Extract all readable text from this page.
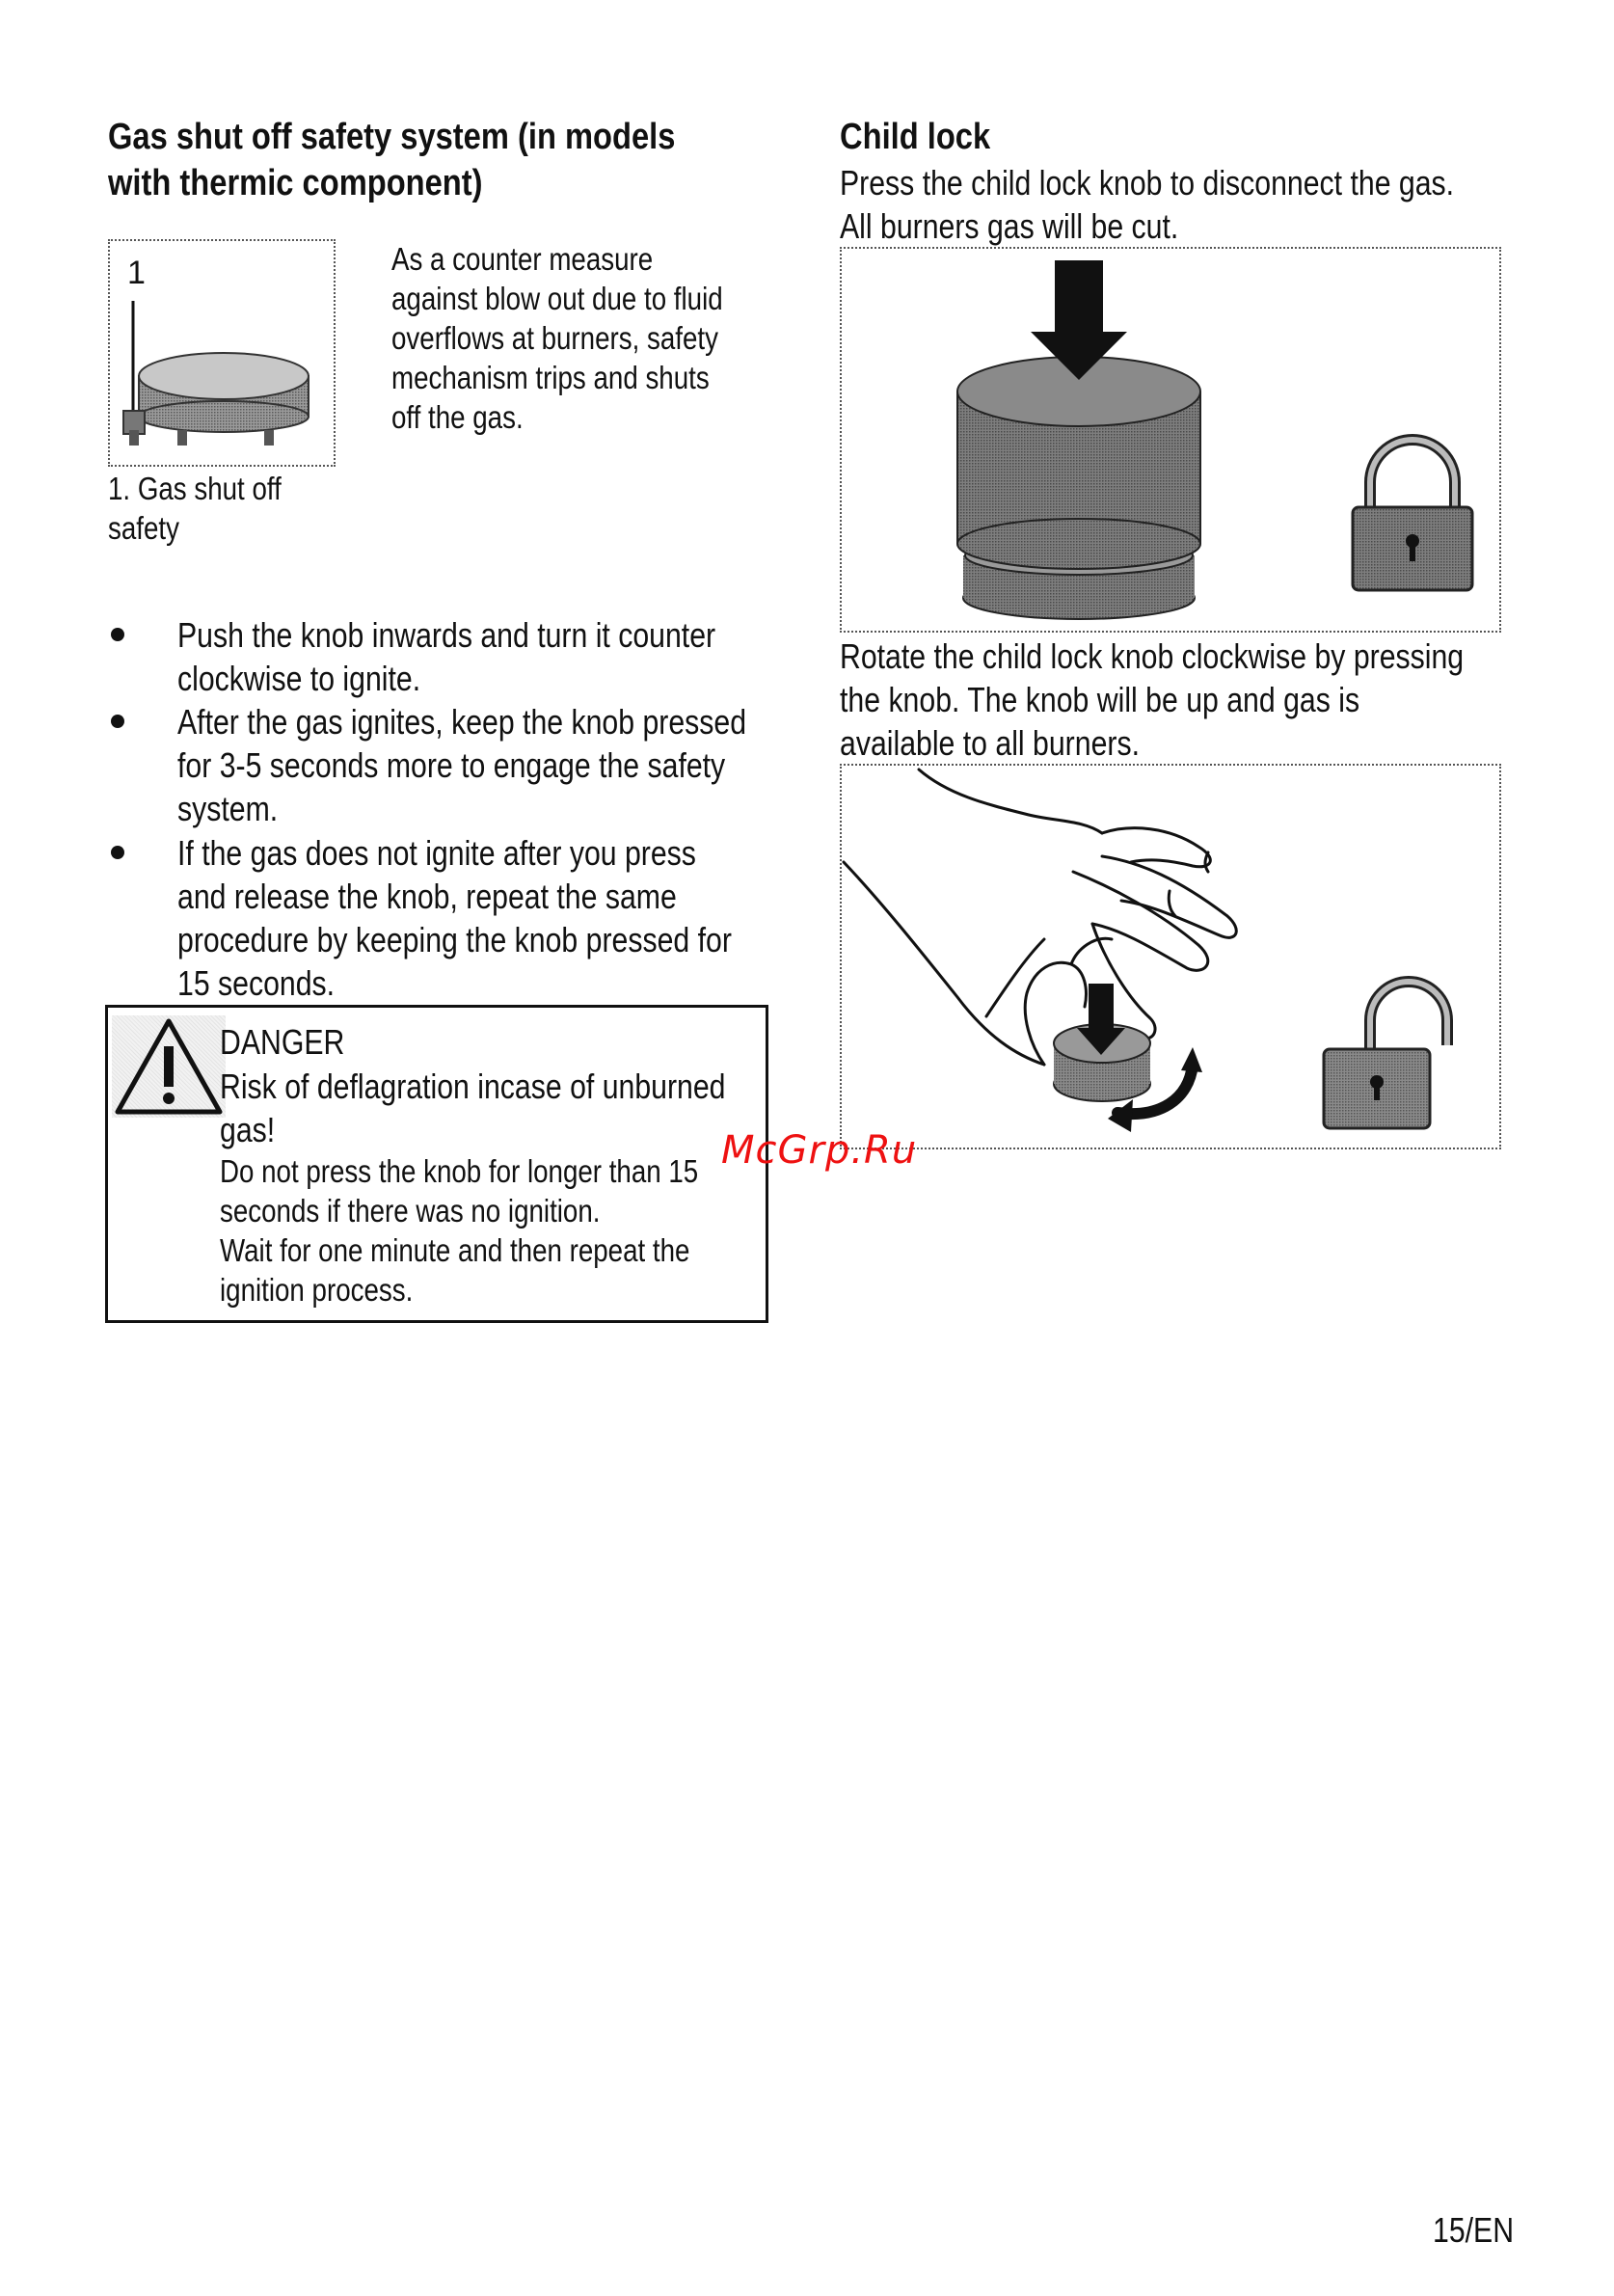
Gas shut off safety system (in models
with thermic component)
1
1. Gas shut off
safety
As a counter measure
against blow out due to fluid
overflows at burners, safety
mechanism trips and shuts
off the gas.
Push the knob inwards and turn it counter
clockwise to ignite.
After the gas ignites, keep the knob pressed
for 3-5 seconds more to engage the safety
system.
If the gas does not ignite after you press
and release the knob, repeat the same
procedure by keeping the knob pressed for
15 seconds.
DANGER
Risk of deflagration incase of unburned
gas!
Do not press the knob for longer than 15
seconds if there was no ignition.
Wait for one minute and then repeat the
ignition process.
Child lock
Press the child lock knob to disconnect the gas.
All burners gas will be cut.
Rotate the child lock knob clockwise by pressing
the knob. The knob will be up and gas is
available to all burners.
McGrp.Ru
15/EN
